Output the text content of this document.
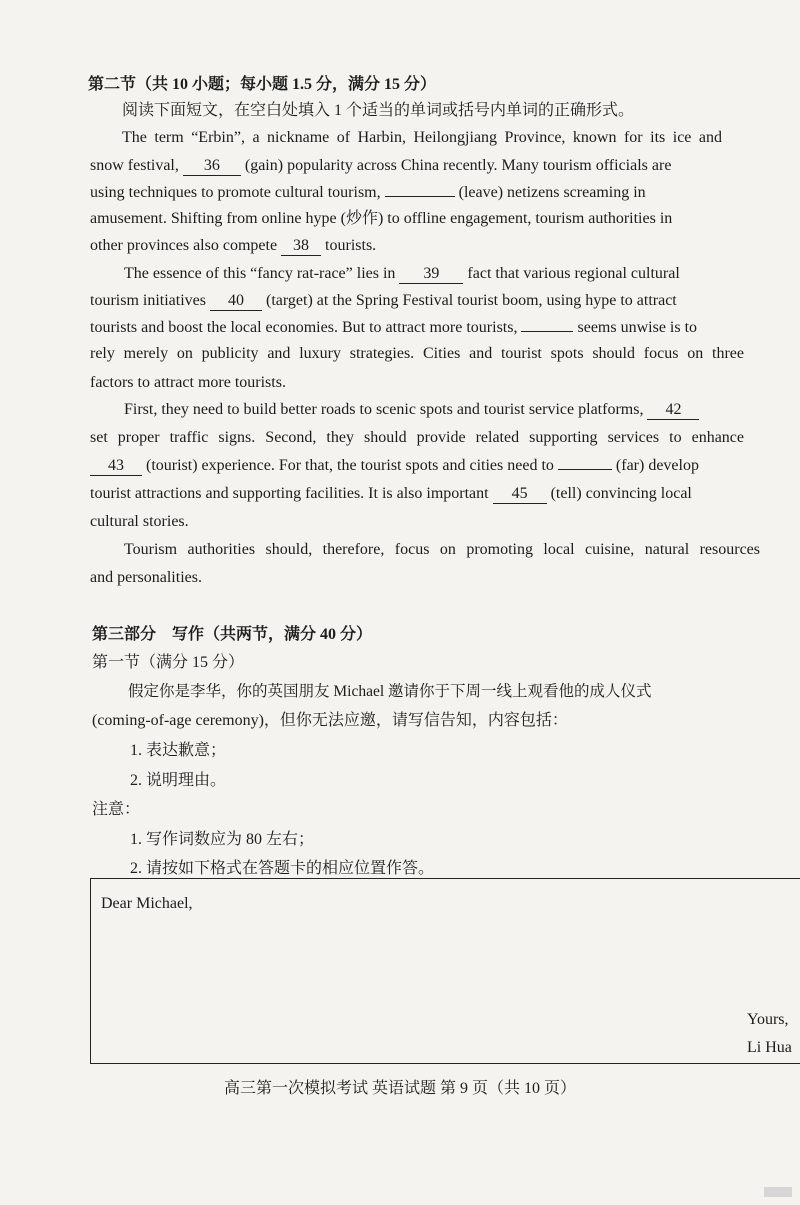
第二节（共 10 小题；每小题 1.5 分，满分 15 分）
阅读下面短文，在空白处填入 1 个适当的单词或括号内单词的正确形式。
The term “Erbin”, a nickname of Harbin, Heilongjiang Province, known for its ice and
snow festival, 36 (gain) popularity across China recently. Many tourism officials are
using techniques to promote cultural tourism,	(leave) netizens screaming in
amusement. Shifting from online hype (炒作) to offline engagement, tourism authorities in
other provinces also compete 38 tourists.
The essence of this “fancy rat-race” lies in 39 fact that various regional cultural
tourism initiatives 40 (target) at the Spring Festival tourist boom, using hype to attract
tourists and boost the local economies. But to attract more tourists,	seems unwise is to
rely merely on publicity and luxury strategies. Cities and tourist spots should focus on three
factors to attract more tourists.
First, they need to build better roads to scenic spots and tourist service platforms, 42
set proper traffic signs. Second, they should provide related supporting services to enhance
43 (tourist) experience. For that, the tourist spots and cities need to	(far) develop
tourist attractions and supporting facilities. It is also important 45 (tell) convincing local
cultural stories.
Tourism authorities should, therefore, focus on promoting local cuisine, natural resources
and personalities.
第三部分　写作（共两节，满分 40 分）
第一节（满分 15 分）
假定你是李华，你的英国朋友 Michael 邀请你于下周一线上观看他的成人仪式
(coming-of-age ceremony)，但你无法应邀，请写信告知，内容包括：
1. 表达歉意；
2. 说明理由。
注意：
1. 写作词数应为 80 左右；
2. 请按如下格式在答题卡的相应位置作答。
Dear Michael,
Yours,
Li Hua
高三第一次模拟考试 英语试题 第 9 页（共 10 页）
